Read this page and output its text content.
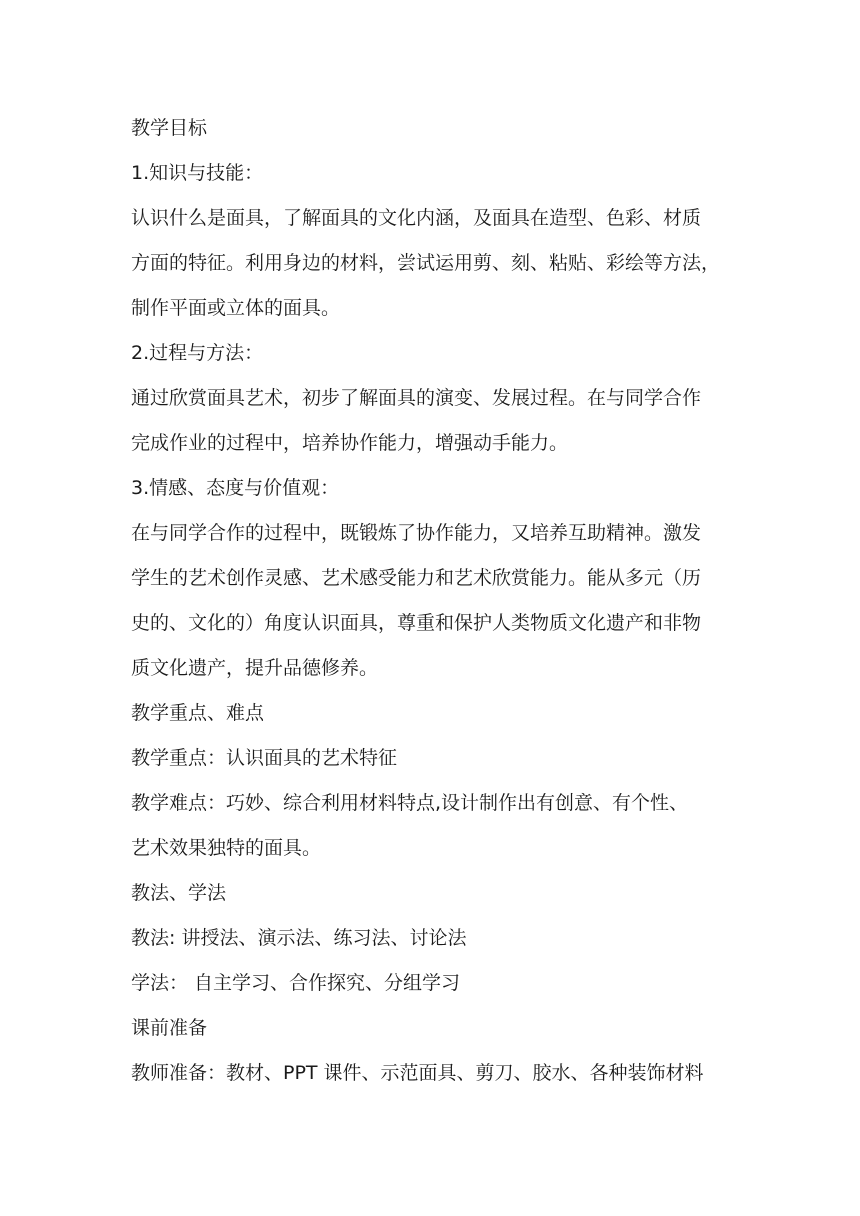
教学目标
1.知识与技能：
认识什么是面具，了解面具的文化内涵，及面具在造型、色彩、材质
方面的特征。利用身边的材料，尝试运用剪、刻、粘贴、彩绘等方法，
制作平面或立体的面具。
2.过程与方法：
通过欣赏面具艺术，初步了解面具的演变、发展过程。在与同学合作
完成作业的过程中，培养协作能力，增强动手能力。
3.情感、态度与价值观：
在与同学合作的过程中，既锻炼了协作能力，又培养互助精神。激发
学生的艺术创作灵感、艺术感受能力和艺术欣赏能力。能从多元（历
史的、文化的）角度认识面具，尊重和保护人类物质文化遗产和非物
质文化遗产，提升品德修养。
教学重点、难点
教学重点：认识面具的艺术特征
教学难点：巧妙、综合利用材料特点,设计制作出有创意、有个性、
艺术效果独特的面具。
教法、学法
教法: 讲授法、演示法、练习法、讨论法
学法： 自主学习、合作探究、分组学习
课前准备
教师准备：教材、PPT 课件、示范面具、剪刀、胶水、各种装饰材料
